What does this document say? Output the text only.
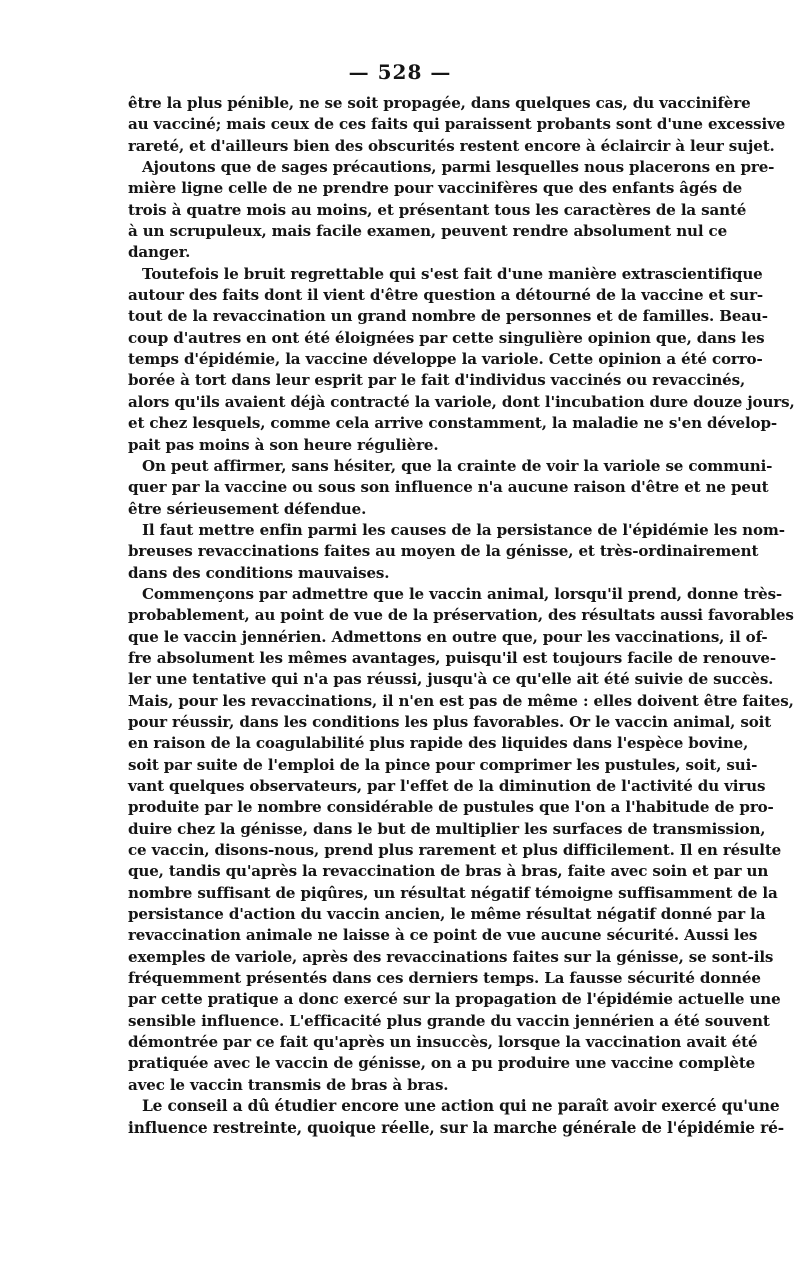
— 528 —
être la plus pénible, ne se soit propagée, dans quelques cas, du vaccinifère
au vacciné; mais ceux de ces faits qui paraissent probants sont d'une excessive
rareté, et d'ailleurs bien des obscurités restent encore à éclaircir à leur sujet.
Ajoutons que de sages précautions, parmi lesquelles nous placerons en pre-
mière ligne celle de ne prendre pour vaccinifères que des enfants âgés de
trois à quatre mois au moins, et présentant tous les caractères de la santé
à un scrupuleux, mais facile examen, peuvent rendre absolument nul ce
danger.
Toutefois le bruit regrettable qui s'est fait d'une manière extrascientifique
autour des faits dont il vient d'être question a détourné de la vaccine et sur-
tout de la revaccination un grand nombre de personnes et de familles. Beau-
coup d'autres en ont été éloignées par cette singulière opinion que, dans les
temps d'épidémie, la vaccine développe la variole. Cette opinion a été corro-
borée à tort dans leur esprit par le fait d'individus vaccinés ou revaccinés,
alors qu'ils avaient déjà contracté la variole, dont l'incubation dure douze jours,
et chez lesquels, comme cela arrive constamment, la maladie ne s'en dévelop-
pait pas moins à son heure régulière.
On peut affirmer, sans hésiter, que la crainte de voir la variole se communi-
quer par la vaccine ou sous son influence n'a aucune raison d'être et ne peut
être sérieusement défendue.
Il faut mettre enfin parmi les causes de la persistance de l'épidémie les nom-
breuses revaccinations faites au moyen de la génisse, et très-ordinairement
dans des conditions mauvaises.
Commençons par admettre que le vaccin animal, lorsqu'il prend, donne très-
probablement, au point de vue de la préservation, des résultats aussi favorables
que le vaccin jennérien. Admettons en outre que, pour les vaccinations, il of-
fre absolument les mêmes avantages, puisqu'il est toujours facile de renouve-
ler une tentative qui n'a pas réussi, jusqu'à ce qu'elle ait été suivie de succès.
Mais, pour les revaccinations, il n'en est pas de même : elles doivent être faites,
pour réussir, dans les conditions les plus favorables. Or le vaccin animal, soit
en raison de la coagulabilité plus rapide des liquides dans l'espèce bovine,
soit par suite de l'emploi de la pince pour comprimer les pustules, soit, sui-
vant quelques observateurs, par l'effet de la diminution de l'activité du virus
produite par le nombre considérable de pustules que l'on a l'habitude de pro-
duire chez la génisse, dans le but de multiplier les surfaces de transmission,
ce vaccin, disons-nous, prend plus rarement et plus difficilement. Il en résulte
que, tandis qu'après la revaccination de bras à bras, faite avec soin et par un
nombre suffisant de piqûres, un résultat négatif témoigne suffisamment de la
persistance d'action du vaccin ancien, le même résultat négatif donné par la
revaccination animale ne laisse à ce point de vue aucune sécurité. Aussi les
exemples de variole, après des revaccinations faites sur la génisse, se sont-ils
fréquemment présentés dans ces derniers temps. La fausse sécurité donnée
par cette pratique a donc exercé sur la propagation de l'épidémie actuelle une
sensible influence. L'efficacité plus grande du vaccin jennérien a été souvent
démontrée par ce fait qu'après un insuccès, lorsque la vaccination avait été
pratiquée avec le vaccin de génisse, on a pu produire une vaccine complète
avec le vaccin transmis de bras à bras.
Le conseil a dû étudier encore une action qui ne paraît avoir exercé qu'une
influence restreinte, quoique réelle, sur la marche générale de l'épidémie ré-
